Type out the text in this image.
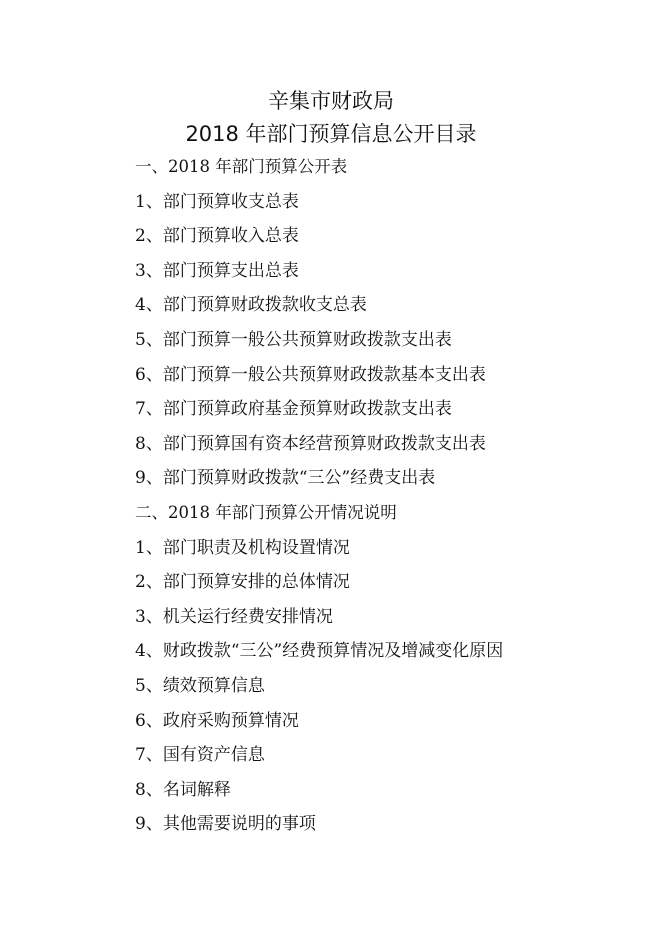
辛集市财政局
2018 年部门预算信息公开目录
一、2018 年部门预算公开表
1、部门预算收支总表
2、部门预算收入总表
3、部门预算支出总表
4、部门预算财政拨款收支总表
5、部门预算一般公共预算财政拨款支出表
6、部门预算一般公共预算财政拨款基本支出表
7、部门预算政府基金预算财政拨款支出表
8、部门预算国有资本经营预算财政拨款支出表
9、部门预算财政拨款“三公”经费支出表
二、2018 年部门预算公开情况说明
1、部门职责及机构设置情况
2、部门预算安排的总体情况
3、机关运行经费安排情况
4、财政拨款“三公”经费预算情况及增减变化原因
5、绩效预算信息
6、政府采购预算情况
7、国有资产信息
8、名词解释
9、其他需要说明的事项
